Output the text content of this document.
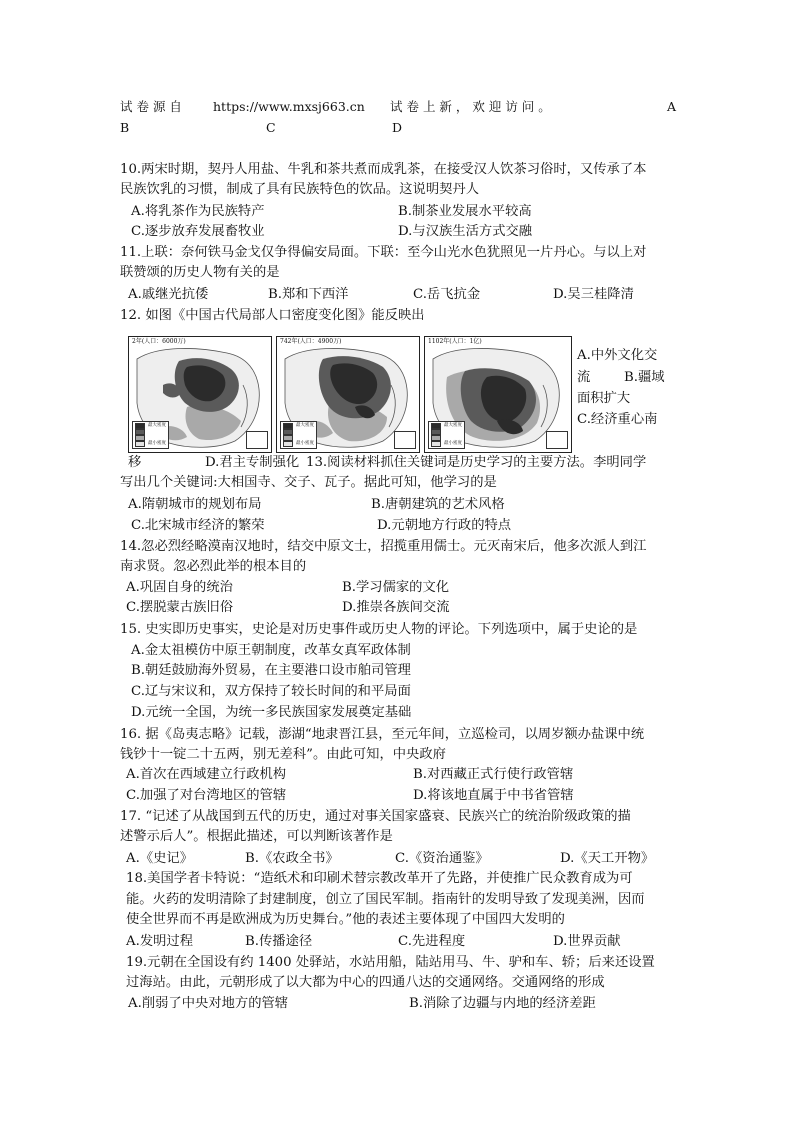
试 卷 源 自 https://www.mxsj663.cn 试 卷 上 新 ， 欢 迎 访 问 。	A
B	C	D
10.两宋时期，契丹人用盐、牛乳和茶共煮而成乳茶，在接受汉人饮茶习俗时，又传承了本
民族饮乳的习惯，制成了具有民族特色的饮品。这说明契丹人
A.将乳茶作为民族特产	B.制茶业发展水平较高
C.逐步放弃发展畜牧业	D.与汉族生活方式交融
11.上联：奈何铁马金戈仅争得偏安局面。下联：至今山光水色犹照见一片丹心。与以上对
联赞颂的历史人物有关的是
A.戚继光抗倭	B.郑和下西洋	C.岳飞抗金	D.吴三桂降清
12. 如图《中国古代局部人口密度变化图》能反映出
2年(人口：6000万)
最大密度
最小密度
742年(人口：4900万)
最大密度
最小密度
1102年(人口：1亿)
最大密度
最小密度
A.中外文化交
流	B.疆域
面积扩大
C.经济重心南
移	D.君主专制强化 13.阅读材料抓住关键词是历史学习的主要方法。李明同学
写出几个关键词:大相国寺、交子、瓦子。据此可知，他学习的是
A.隋朝城市的规划布局	B.唐朝建筑的艺术风格
C.北宋城市经济的繁荣	D.元朝地方行政的特点
14.忽必烈经略漠南汉地时，结交中原文士，招揽重用儒士。元灭南宋后，他多次派人到江
南求贤。忽必烈此举的根本目的
A.巩固自身的统治	B.学习儒家的文化
C.摆脱蒙古族旧俗	D.推崇各族间交流
15. 史实即历史事实，史论是对历史事件或历史人物的评论。下列选项中，属于史论的是
A.金太祖模仿中原王朝制度，改革女真军政体制
B.朝廷鼓励海外贸易，在主要港口设市舶司管理
C.辽与宋议和，双方保持了较长时间的和平局面
D.元统一全国，为统一多民族国家发展奠定基础
16. 据《岛夷志略》记载，澎湖“地隶晋江县，至元年间，立巡检司，以周岁额办盐课中统
钱钞十一锭二十五两，别无差科”。由此可知，中央政府
A.首次在西域建立行政机构	B.对西藏正式行使行政管辖
C.加强了对台湾地区的管辖	D.将该地直属于中书省管辖
17. “记述了从战国到五代的历史，通过对事关国家盛衰、民族兴亡的统治阶级政策的描
述警示后人”。根据此描述，可以判断该著作是
A.《史记》	B.《农政全书》	C.《资治通鉴》	D.《天工开物》
18.美国学者卡特说：“造纸术和印刷术替宗教改革开了先路，并使推广民众教育成为可
能。火药的发明清除了封建制度，创立了国民军制。指南针的发明导致了发现美洲，因而
使全世界而不再是欧洲成为历史舞台。”他的表述主要体现了中国四大发明的
A.发明过程	B.传播途径	C.先进程度	D.世界贡献
19.元朝在全国设有约 1400 处驿站，水站用船，陆站用马、牛、驴和车、轿；后来还设置
过海站。由此，元朝形成了以大都为中心的四通八达的交通网络。交通网络的形成
A.削弱了中央对地方的管辖	B.消除了边疆与内地的经济差距
